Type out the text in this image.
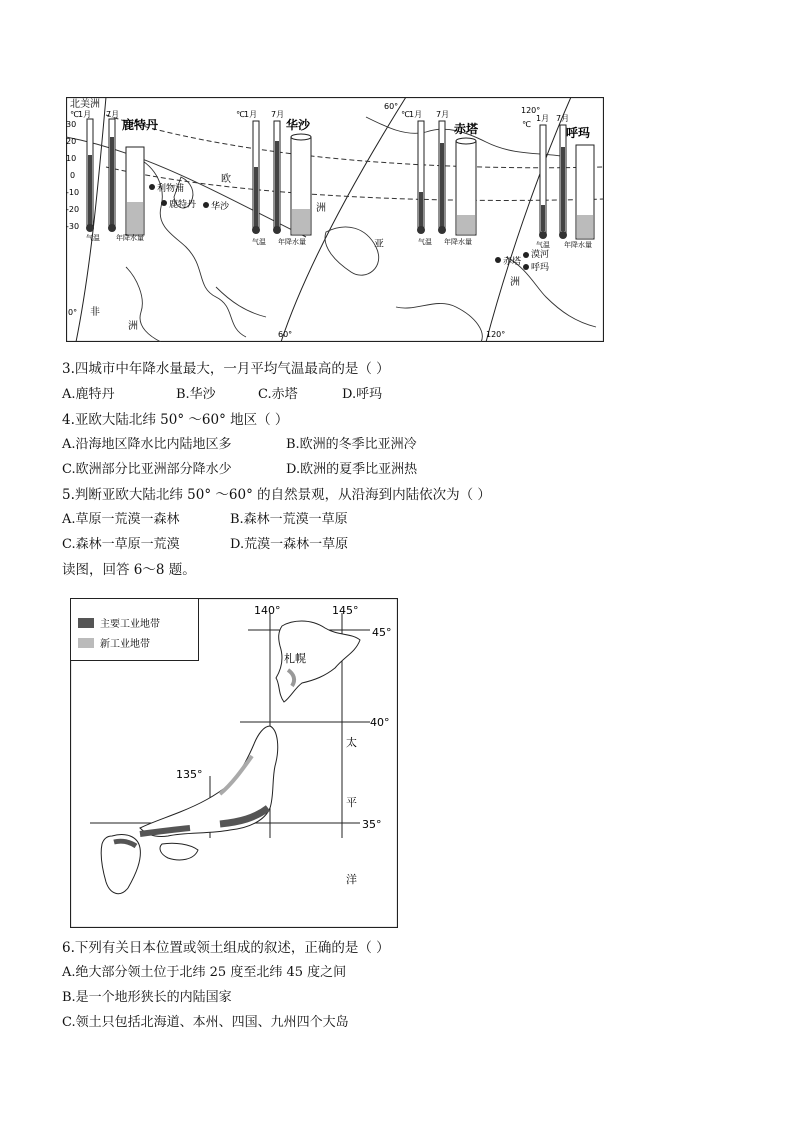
北美洲
℃ 1月 7月
气温 年降水量
鹿特丹
30
20
10
0
-10
-20
-30
℃ 1月 7月
气温 年降水量
华沙
℃ 1月 7月
气温 年降水量
赤塔
120°
℃
1月 7月
气温 年降水量
呼玛
利物浦
鹿特丹 华沙
赤塔
漠河
呼玛
欧
洲
亚
洲
非
洲
0°
60°
60°
120°
3.四城市中年降水量最大，一月平均气温最高的是（ ）
A.鹿特丹	B.华沙	C.赤塔	D.呼玛
4.亚欧大陆北纬 50° ～60° 地区（ ）
A.沿海地区降水比内陆地区多	B.欧洲的冬季比亚洲冷
C.欧洲部分比亚洲部分降水少	D.欧洲的夏季比亚洲热
5.判断亚欧大陆北纬 50° ～60° 的自然景观，从沿海到内陆依次为（ ）
A.草原一荒漠一森林	B.森林一荒漠一草原
C.森林一草原一荒漠	D.荒漠一森林一草原
读图，回答 6～8 题。
主要工业地带
新工业地带
140°	145°
45°
40°
135°
35°
札幌
太
平
洋
6.下列有关日本位置或领土组成的叙述，正确的是（ ）
A.绝大部分领土位于北纬 25 度至北纬 45 度之间
B.是一个地形狭长的内陆国家
C.领土只包括北海道、本州、四国、九州四个大岛
